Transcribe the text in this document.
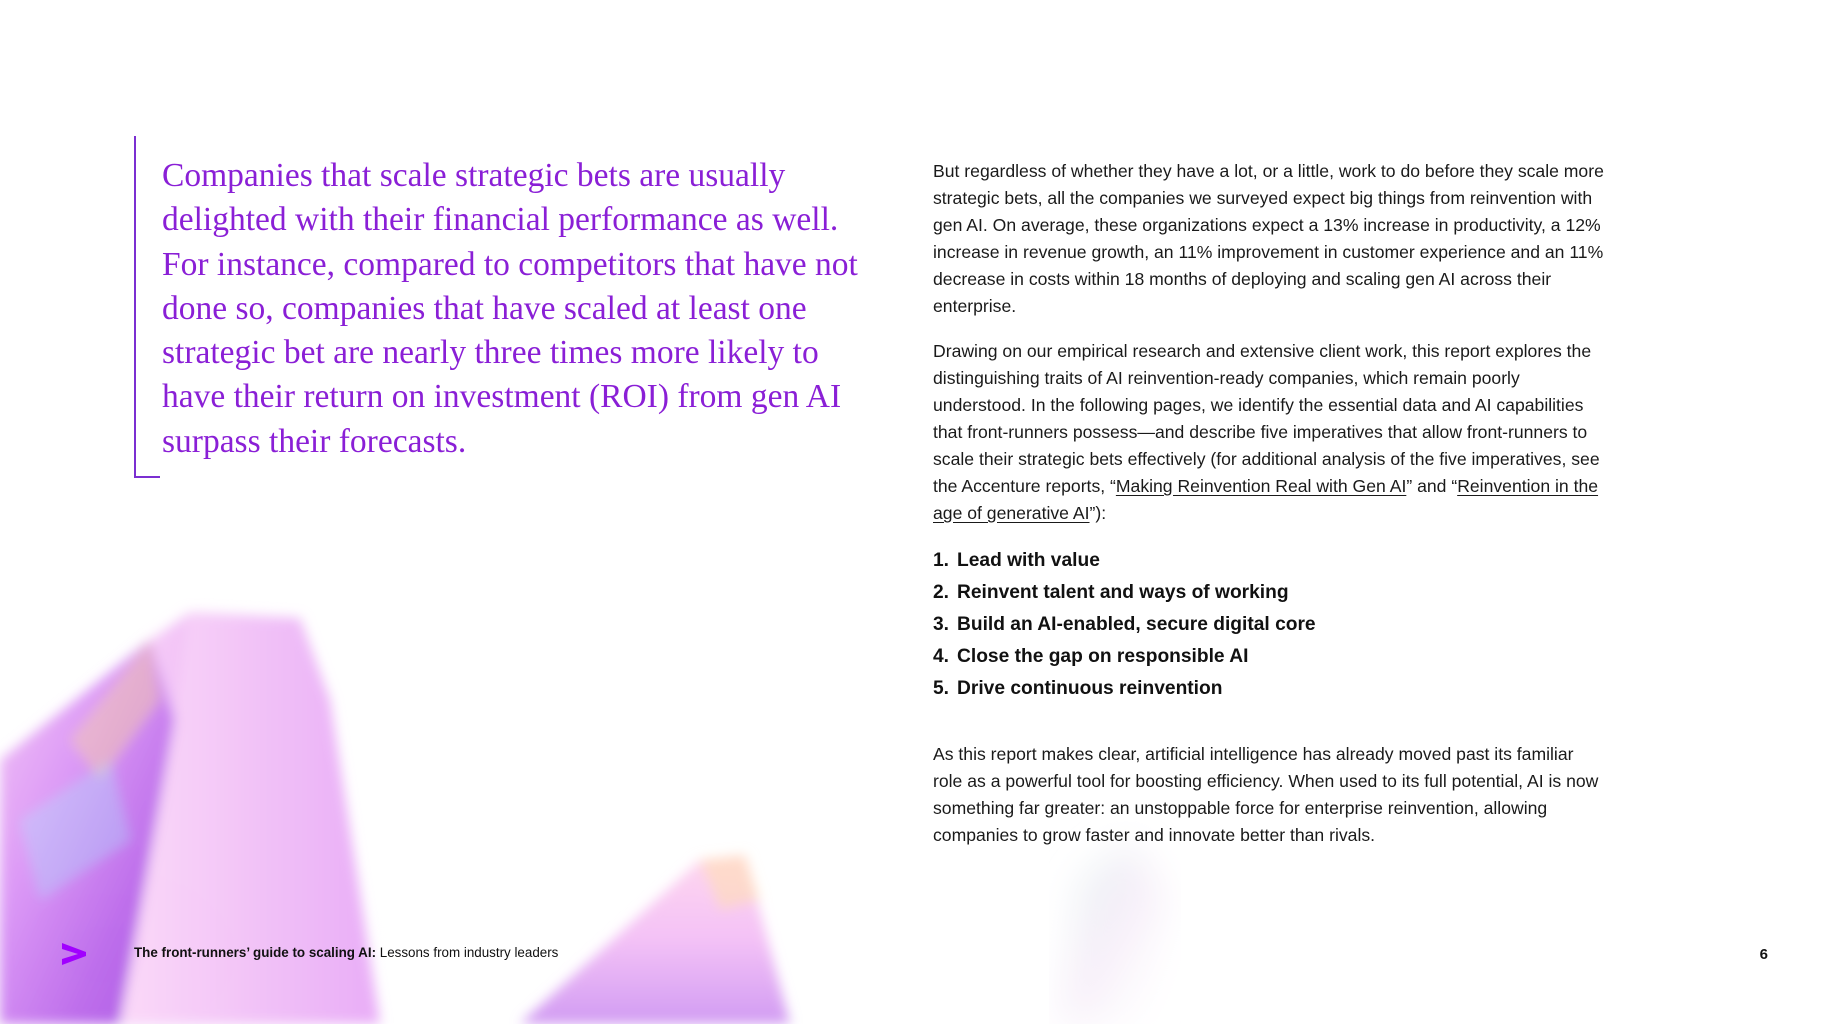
Companies that scale strategic bets are usually delighted with their financial performance as well. For instance, compared to competitors that have not done so, companies that have scaled at least one strategic bet are nearly three times more likely to have their return on investment (ROI) from gen AI surpass their forecasts.

But regardless of whether they have a lot, or a little, work to do before they scale more strategic bets, all the companies we surveyed expect big things from reinvention with gen AI. On average, these organizations expect a 13% increase in productivity, a 12% increase in revenue growth, an 11% improvement in customer experience and an 11% decrease in costs within 18 months of deploying and scaling gen AI across their enterprise.

Drawing on our empirical research and extensive client work, this report explores the distinguishing traits of AI reinvention-ready companies, which remain poorly understood. In the following pages, we identify the essential data and AI capabilities that front-runners possess—and describe five imperatives that allow front-runners to scale their strategic bets effectively (for additional analysis of the five imperatives, see the Accenture reports, “Making Reinvention Real with Gen AI” and “Reinvention in the age of generative AI”):

1. Lead with value
2. Reinvent talent and ways of working
3. Build an AI-enabled, secure digital core
4. Close the gap on responsible AI
5. Drive continuous reinvention

As this report makes clear, artificial intelligence has already moved past its familiar role as a powerful tool for boosting efficiency. When used to its full potential, AI is now something far greater: an unstoppable force for enterprise reinvention, allowing companies to grow faster and innovate better than rivals.

The front-runners’ guide to scaling AI: Lessons from industry leaders	6
